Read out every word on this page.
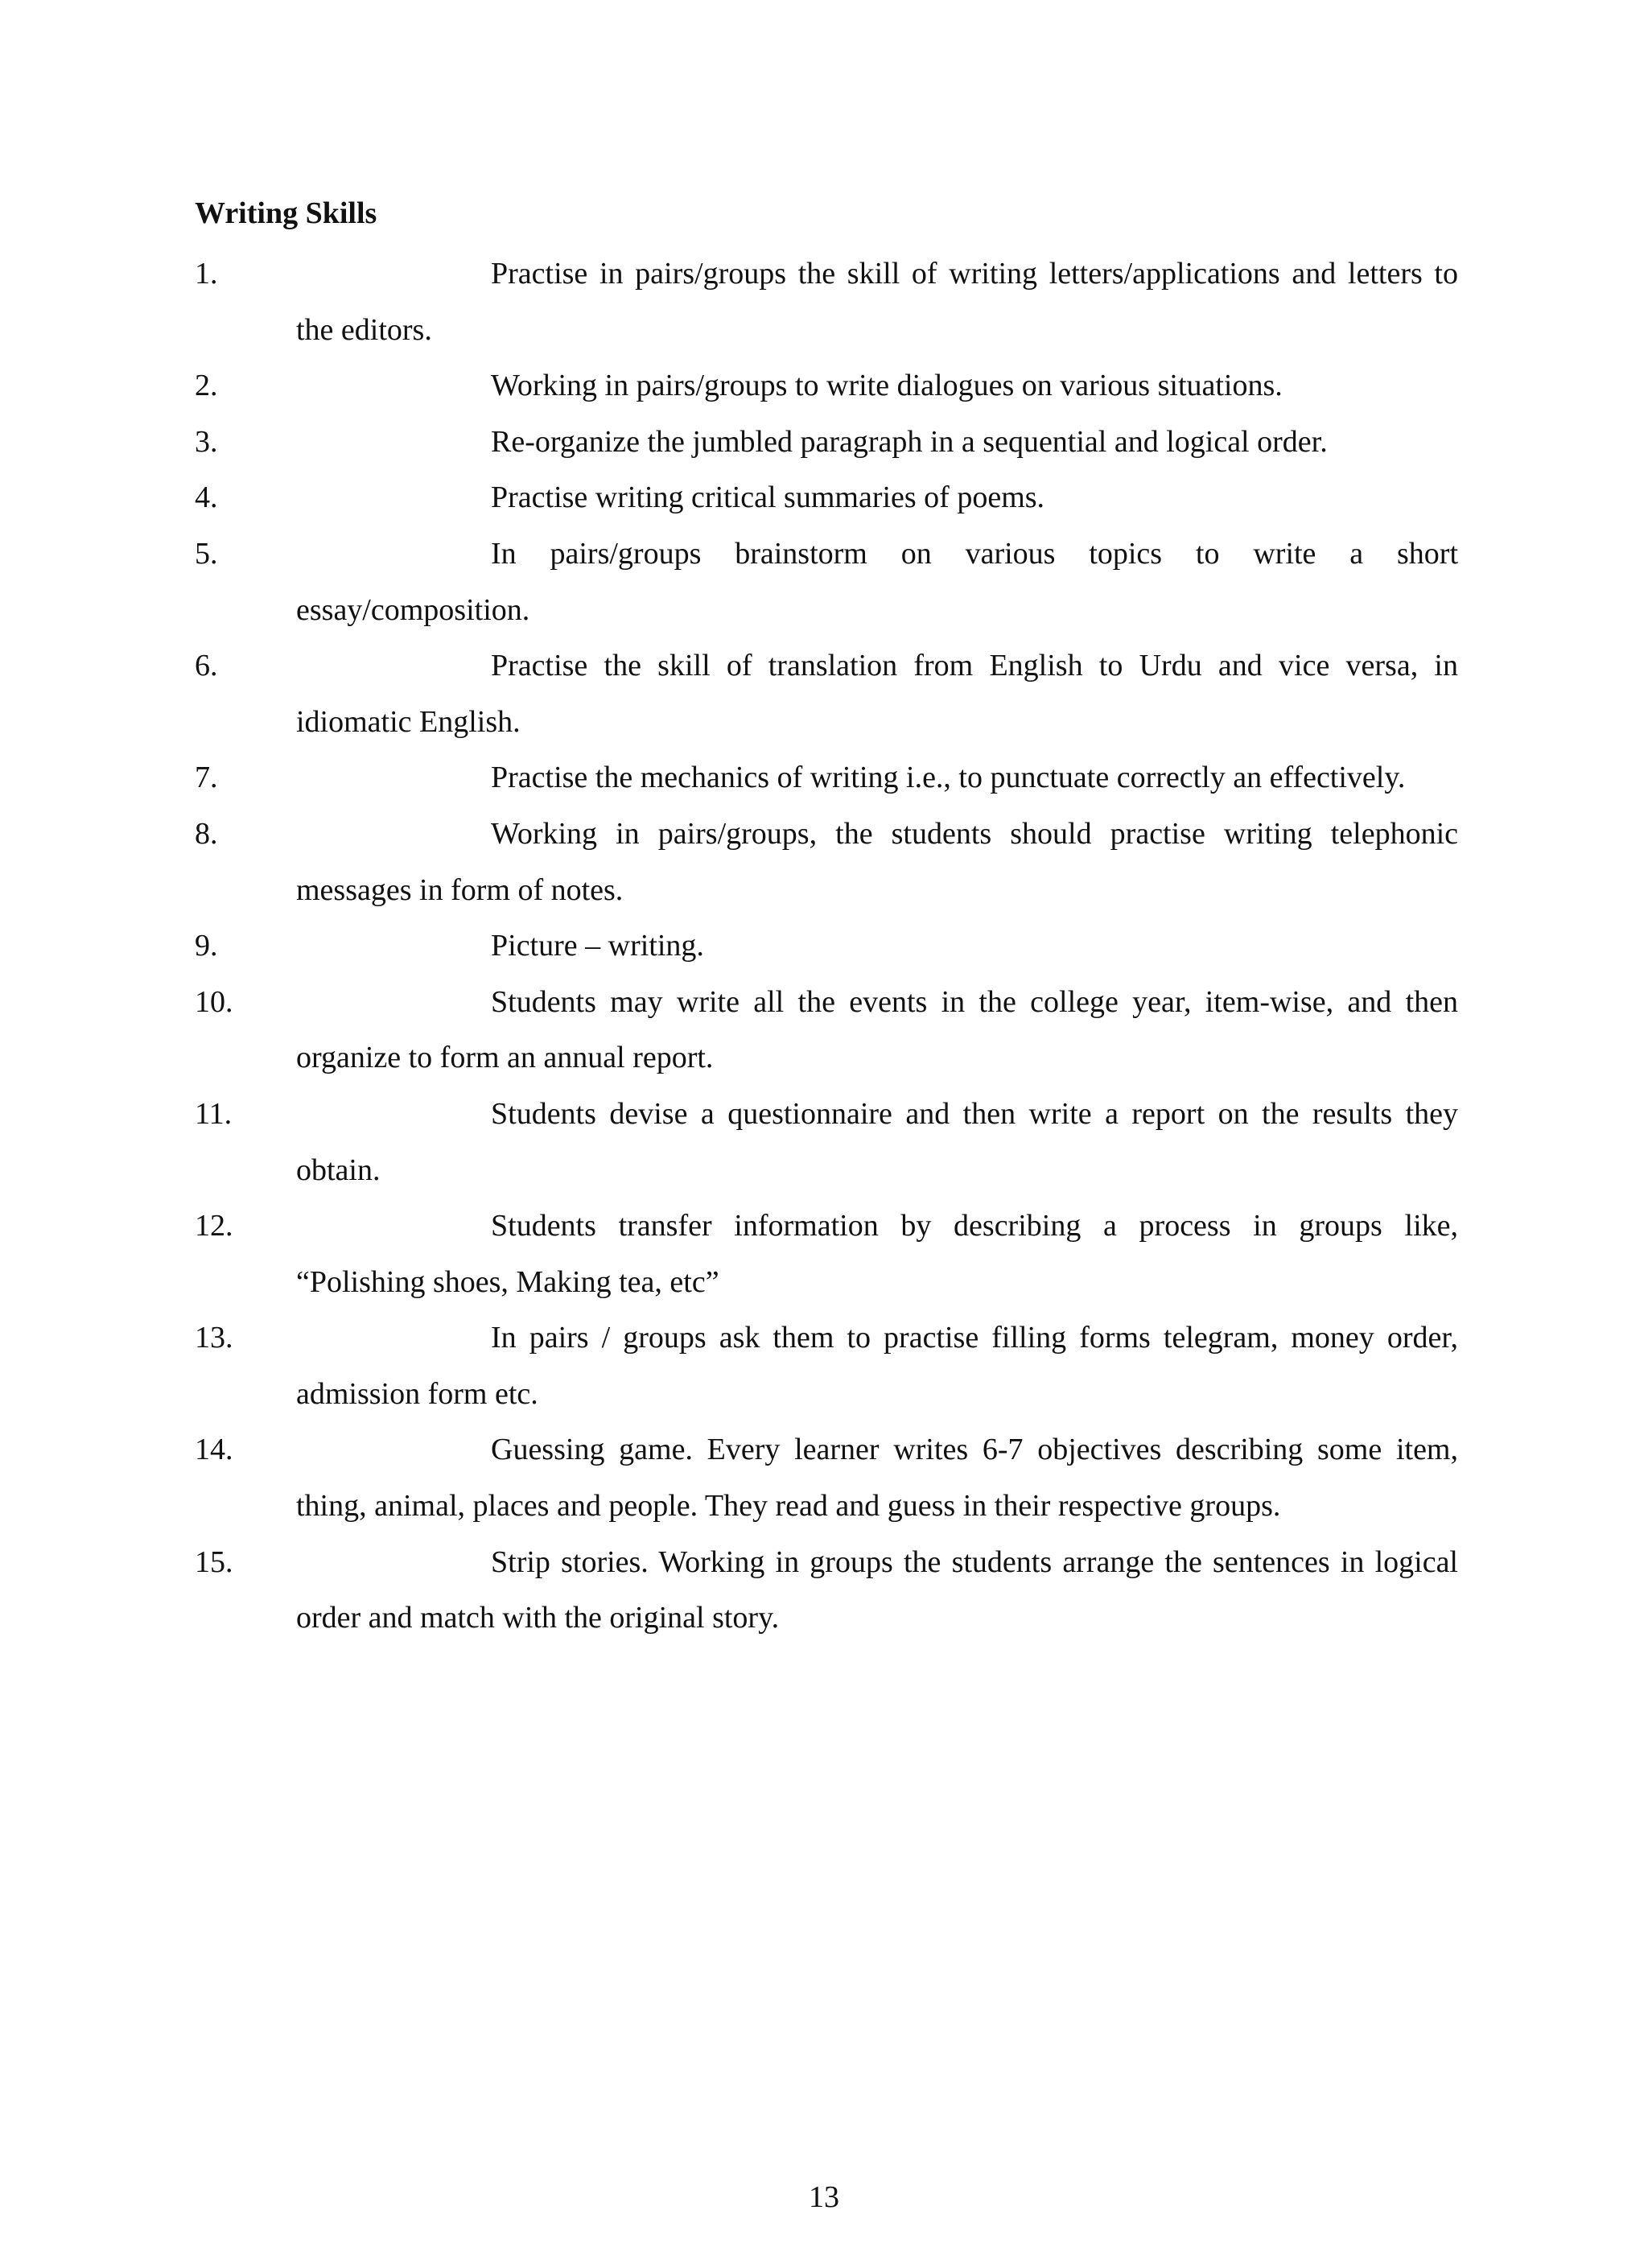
Writing Skills
1.	Practise in pairs/groups the skill of writing letters/applications and letters to the editors.
2.	Working in pairs/groups to write dialogues on various situations.
3.	Re-organize the jumbled paragraph in a sequential and logical order.
4.	Practise writing critical summaries of poems.
5.	In pairs/groups brainstorm on various topics to write a short essay/composition.
6.	Practise the skill of translation from English to Urdu and vice versa, in idiomatic English.
7.	Practise the mechanics of writing i.e., to punctuate correctly an effectively.
8.	Working in pairs/groups, the students should practise writing telephonic messages in form of notes.
9.	Picture – writing.
10.	Students may write all the events in the college year, item-wise, and then organize to form an annual report.
11.	Students devise a questionnaire and then write a report on the results they obtain.
12.	Students transfer information by describing a process in groups like, “Polishing shoes, Making tea, etc”
13.	In pairs / groups ask them to practise filling forms telegram, money order, admission form etc.
14.	Guessing game. Every learner writes 6-7 objectives describing some item, thing, animal, places and people. They read and guess in their respective groups.
15.	Strip stories. Working in groups the students arrange the sentences in logical order and match with the original story.
13
